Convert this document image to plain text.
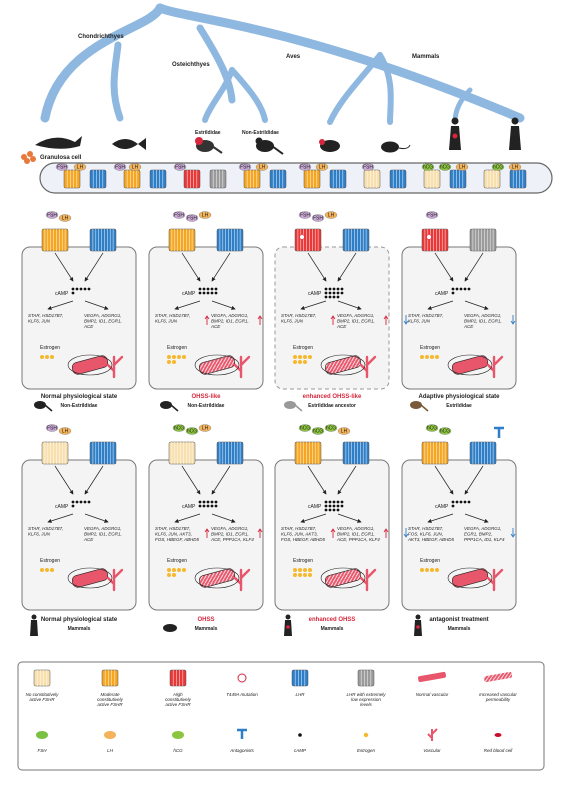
Chondrichthyes
Osteichthyes
Aves	Mammals
Estrildidae	Non-Estrildidae
Granulosa cell
FSH LH	FSH LH	FSH	FSH LH	FSH LH	FSH	hCG hCG LH	hCG LH
FSH LH
cAMP
STAR, HSD17B7, KLF6, JUN
VEGFA, ADGRG1, BMP2, ID1, EGR1, ACE
Estrogen
FSH FSH LH
cAMP
STAR, HSD17B7, KLF6, JUN
VEGFA, ADGRG1, BMP2, ID1, EGR1, ACE
Estrogen
FSH FSH LH
cAMP
STAR, HSD17B7, KLF6, JUN
VEGFA, ADGRG1, BMP2, ID1, EGR1, ACE
Estrogen
FSH
cAMP
STAR, HSD17B7, KLF6, JUN
VEGFA, ADGRG1, BMP2, ID1, EGR1, ACE
Estrogen
FSH LH
cAMP
STAR, HSD17B7, KLF6, JUN
VEGFA, ADGRG1, BMP2, ID1, EGR1, ACE
Estrogen
hCG hCG LH
cAMP
STAR, HSD17B7, KLF6, JUN, AKT3, FOS, HBEGF, ABHD5
VEGFA, ADGRG1, BMP2, ID1, EGR1, ACE, PPP1CA, KLF4
Estrogen
hCG hCG hCG LH
cAMP
STAR, HSD17B7, KLF6, JUN, AKT3, FOS, HBEGF, ABHD5
VEGFA, ADGRG1, BMP2, ID1, EGR1, ACE, PPP1CA, KLF4
Estrogen
hCG hCG
cAMP
STAR, HSD17B7, FOS, KLF6, JUN, AKT3, HBEGF, ABHD5
VEGFA, ADGRG1, EGR1, BMP2, PPP1CA, ID1, KLF4
Estrogen
Normal physiological state
Non-Estrildidae
OHSS-like
Non-Estrildidae
enhanced OHSS-like
Estrildidae ancestor
Adaptive physiological state
Estrildidae
Normal physiological state
Mammals
OHSS
Mammals
enhanced OHSS
Mammals
antagonist treatment
Mammals
No constitutively active FSHR
Moderate constitutively active FSHR
High constitutively active FSHR
T449A mutation	LHR	LHR with extremely low expression levels
Normal vascular	Increased vascular permeability
FSH	LH	hCG	Antagonists	cAMP	Estrogen	Vascular	Red blood cell
